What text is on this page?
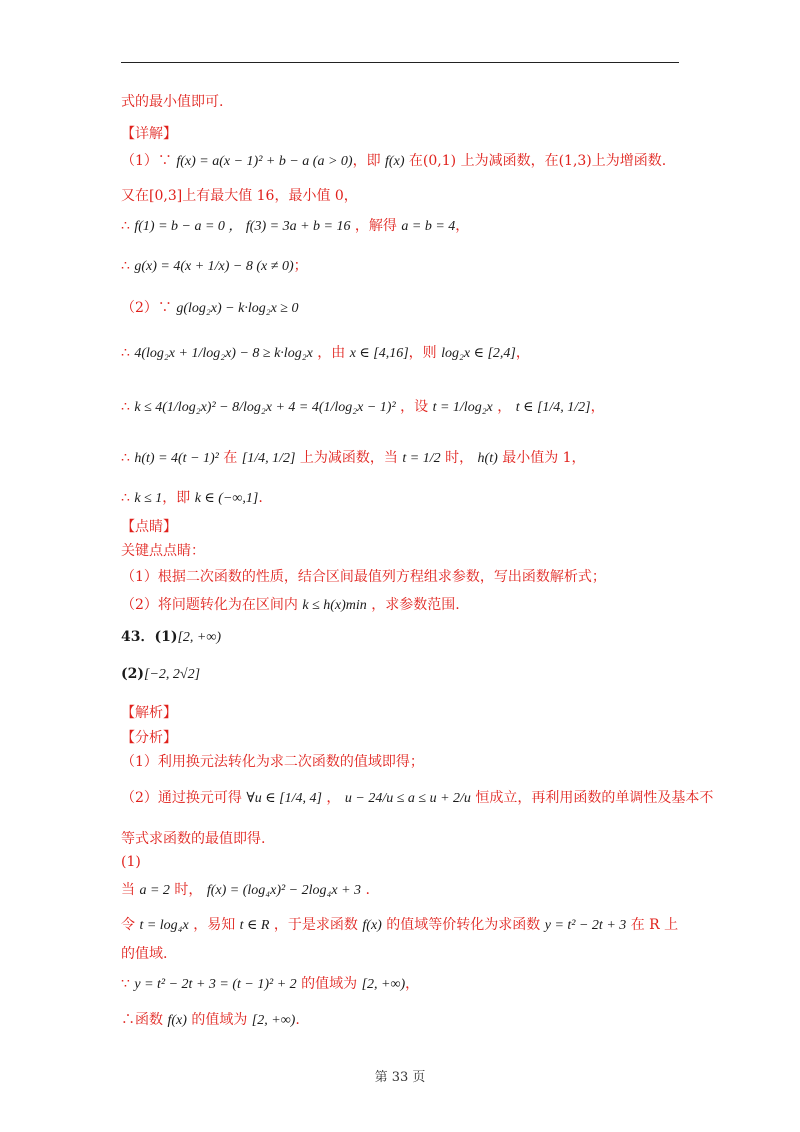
式的最小值即可.
【详解】
（1）∵ f(x) = a(x − 1)² + b − a (a > 0)，即 f(x) 在(0,1) 上为减函数，在(1,3)上为增函数.
又在[0,3]上有最大值 16，最小值 0，
∴ f(1) = b − a = 0 ， f(3) = 3a + b = 16 ，解得 a = b = 4，
∴ g(x) = 4(x + 1/x) − 8 (x ≠ 0)；
（2）∵ g(log₂x) − k·log₂x ≥ 0
∴ 4(log₂x + 1/log₂x) − 8 ≥ k·log₂x ，由 x ∈ [4,16]，则 log₂x ∈ [2,4]，
∴ k ≤ 4(1/log₂x)² − 8/log₂x + 4 = 4(1/log₂x − 1)² ，设 t = 1/log₂x ， t ∈ [1/4, 1/2]，
∴ h(t) = 4(t − 1)² 在 [1/4, 1/2] 上为减函数，当 t = 1/2 时， h(t) 最小值为 1，
∴ k ≤ 1，即 k ∈ (−∞,1].
【点睛】
关键点点睛：
（1）根据二次函数的性质，结合区间最值列方程组求参数，写出函数解析式；
（2）将问题转化为在区间内 k ≤ h(x)min ，求参数范围.
43．(1)[2, +∞)
(2)[−2, 2√2]
【解析】
【分析】
（1）利用换元法转化为求二次函数的值域即得；
（2）通过换元可得 ∀u ∈ [1/4, 4] ， u − 24/u ≤ a ≤ u + 2/u 恒成立，再利用函数的单调性及基本不
等式求函数的最值即得.
(1)
当 a = 2 时， f(x) = (log₄x)² − 2log₄x + 3 .
令 t = log₄x ，易知 t ∈ R ，于是求函数 f(x) 的值域等价转化为求函数 y = t² − 2t + 3 在 R 上
的值域.
∵ y = t² − 2t + 3 = (t − 1)² + 2 的值域为 [2, +∞)，
∴函数 f(x) 的值域为 [2, +∞).
第 33 页
